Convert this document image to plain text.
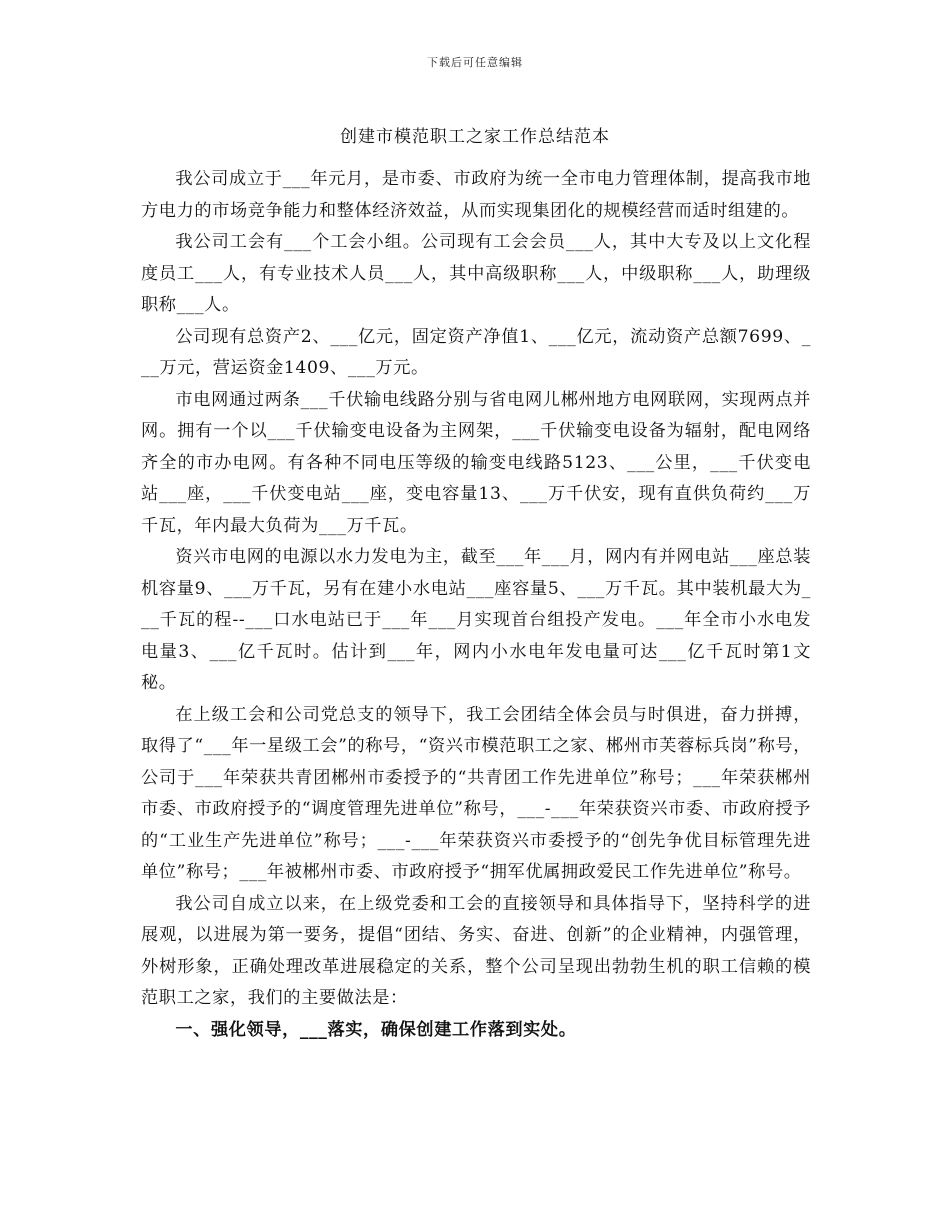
下载后可任意编辑
创建市模范职工之家工作总结范本

我公司成立于___年元月，是市委、市政府为统一全市电力管理体制，提高我市地方电力的市场竞争能力和整体经济效益，从而实现集团化的规模经营而适时组建的。

我公司工会有___个工会小组。公司现有工会会员___人，其中大专及以上文化程度员工___人，有专业技术人员___人，其中高级职称___人，中级职称___人，助理级职称___人。

公司现有总资产2、___亿元，固定资产净值1、___亿元，流动资产总额7699、___万元，营运资金1409、___万元。

市电网通过两条___千伏输电线路分别与省电网儿郴州地方电网联网，实现两点并网。拥有一个以___千伏输变电设备为主网架，___千伏输变电设备为辐射，配电网络齐全的市办电网。有各种不同电压等级的输变电线路5123、___公里，___千伏变电站___座，___千伏变电站___座，变电容量13、___万千伏安，现有直供负荷约___万千瓦，年内最大负荷为___万千瓦。

资兴市电网的电源以水力发电为主，截至___年___月，网内有并网电站___座总装机容量9、___万千瓦，另有在建小水电站___座容量5、___万千瓦。其中装机最大为___千瓦的程--___口水电站已于___年___月实现首台组投产发电。___年全市小水电发电量3、___亿千瓦时。估计到___年，网内小水电年发电量可达___亿千瓦时第1文秘。

在上级工会和公司党总支的领导下，我工会团结全体会员与时俱进，奋力拼搏，取得了“___年一星级工会”的称号，“资兴市模范职工之家、郴州市芙蓉标兵岗”称号，公司于___年荣获共青团郴州市委授予的“共青团工作先进单位”称号；___年荣获郴州市委、市政府授予的“调度管理先进单位”称号，___-___年荣获资兴市委、市政府授予的“工业生产先进单位”称号；___-___年荣获资兴市委授予的“创先争优目标管理先进单位”称号；___年被郴州市委、市政府授予“拥军优属拥政爱民工作先进单位”称号。

我公司自成立以来，在上级党委和工会的直接领导和具体指导下，坚持科学的进展观，以进展为第一要务，提倡“团结、务实、奋进、创新”的企业精神，内强管理，外树形象，正确处理改革进展稳定的关系，整个公司呈现出勃勃生机的职工信赖的模范职工之家，我们的主要做法是：

一、强化领导，___落实，确保创建工作落到实处。
